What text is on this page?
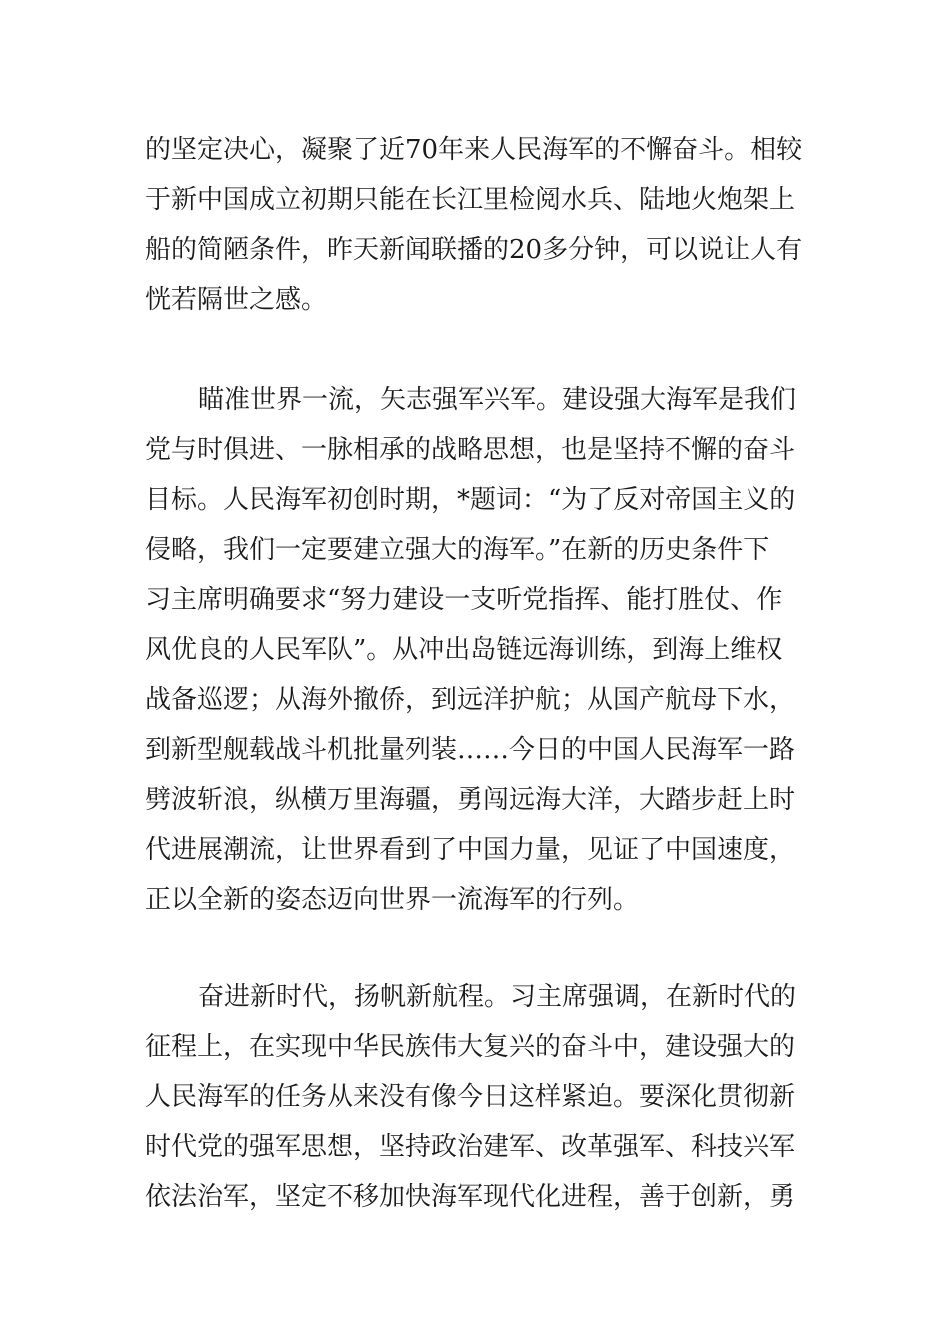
的坚定决心，凝聚了近70年来人民海军的不懈奋斗。相较
于新中国成立初期只能在长江里检阅水兵、陆地火炮架上
船的简陋条件，昨天新闻联播的20多分钟，可以说让人有
恍若隔世之感。
瞄准世界一流，矢志强军兴军。建设强大海军是我们
党与时俱进、一脉相承的战略思想，也是坚持不懈的奋斗
目标。人民海军初创时期，*题词：“为了反对帝国主义的
侵略，我们一定要建立强大的海军。”在新的历史条件下
习主席明确要求“努力建设一支听党指挥、能打胜仗、作
风优良的人民军队”。从冲出岛链远海训练，到海上维权
战备巡逻；从海外撤侨，到远洋护航；从国产航母下水，
到新型舰载战斗机批量列装……今日的中国人民海军一路
劈波斩浪，纵横万里海疆，勇闯远海大洋，大踏步赶上时
代进展潮流，让世界看到了中国力量，见证了中国速度，
正以全新的姿态迈向世界一流海军的行列。
奋进新时代，扬帆新航程。习主席强调，在新时代的
征程上，在实现中华民族伟大复兴的奋斗中，建设强大的
人民海军的任务从来没有像今日这样紧迫。要深化贯彻新
时代党的强军思想，坚持政治建军、改革强军、科技兴军
依法治军，坚定不移加快海军现代化进程，善于创新，勇
